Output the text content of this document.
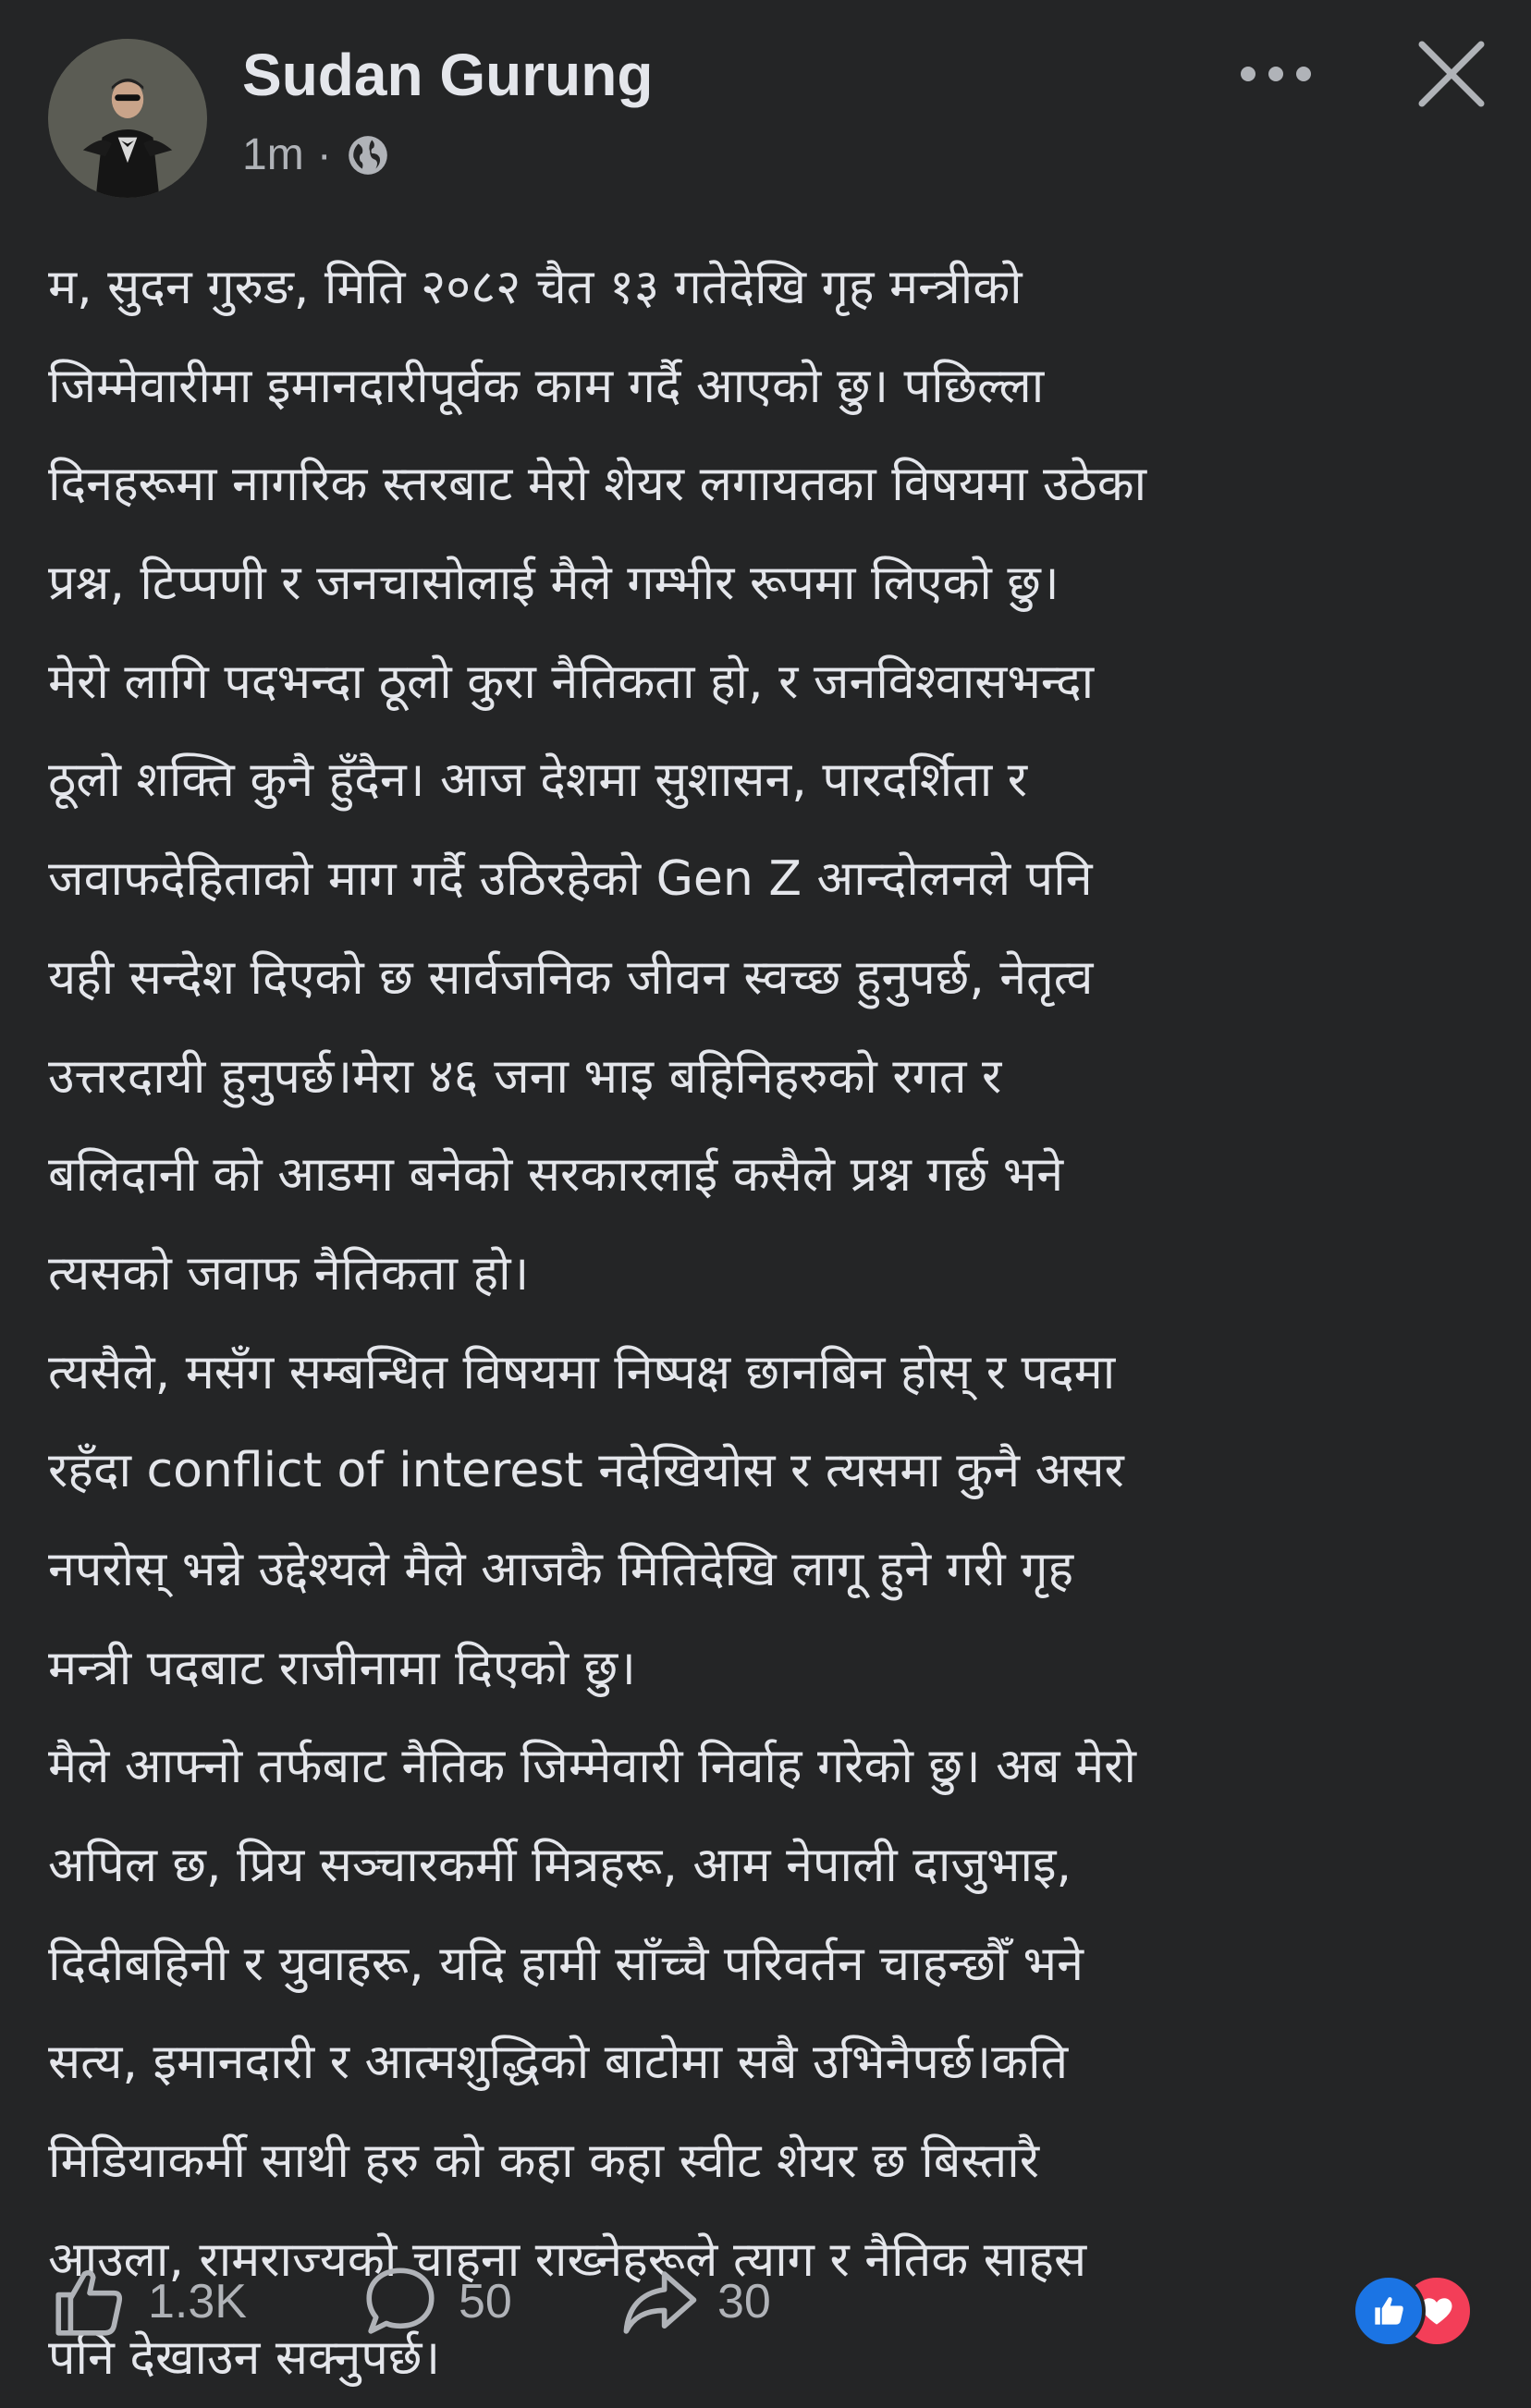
Sudan Gurung
1m ·
म, सुदन गुरुङ, मिति २०८२ चैत १३ गतेदेखि गृह मन्त्रीको
जिम्मेवारीमा इमानदारीपूर्वक काम गर्दै आएको छु। पछिल्ला
दिनहरूमा नागरिक स्तरबाट मेरो शेयर लगायतका विषयमा उठेका
प्रश्न, टिप्पणी र जनचासोलाई मैले गम्भीर रूपमा लिएको छु।
मेरो लागि पदभन्दा ठूलो कुरा नैतिकता हो, र जनविश्वासभन्दा
ठूलो शक्ति कुनै हुँदैन। आज देशमा सुशासन, पारदर्शिता र
जवाफदेहिताको माग गर्दै उठिरहेको Gen Z आन्दोलनले पनि
यही सन्देश दिएको छ सार्वजनिक जीवन स्वच्छ हुनुपर्छ, नेतृत्व
उत्तरदायी हुनुपर्छ।मेरा ४६ जना भाइ बहिनिहरुको रगत र
बलिदानी को आडमा बनेको सरकारलाई कसैले प्रश्न गर्छ भने
त्यसको जवाफ नैतिकता हो।
त्यसैले, मसँग सम्बन्धित विषयमा निष्पक्ष छानबिन होस् र पदमा
रहँदा conflict of interest नदेखियोस र त्यसमा कुनै असर
नपरोस् भन्ने उद्देश्यले मैले आजकै मितिदेखि लागू हुने गरी गृह
मन्त्री पदबाट राजीनामा दिएको छु।
मैले आफ्नो तर्फबाट नैतिक जिम्मेवारी निर्वाह गरेको छु। अब मेरो
अपिल छ, प्रिय सञ्चारकर्मी मित्रहरू, आम नेपाली दाजुभाइ,
दिदीबहिनी र युवाहरू, यदि हामी साँच्चै परिवर्तन चाहन्छौँ भने
सत्य, इमानदारी र आत्मशुद्धिको बाटोमा सबै उभिनैपर्छ।कति
मिडियाकर्मी साथी हरु को कहा कहा स्वीट शेयर छ बिस्तारै
आउला, रामराज्यको चाहना राख्नेहरूले त्याग र नैतिक साहस
पनि देखाउन सक्नुपर्छ।
1.3K	50	30
